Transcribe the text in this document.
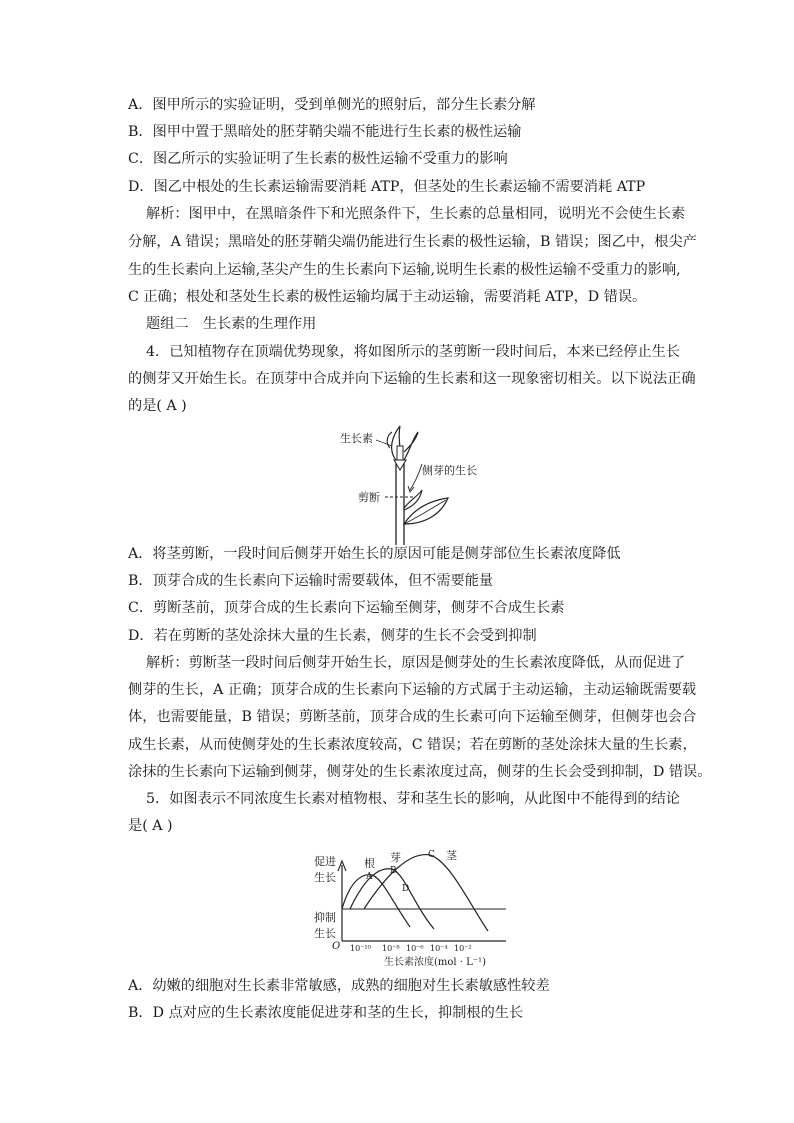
A．图甲所示的实验证明，受到单侧光的照射后，部分生长素分解
B．图甲中置于黑暗处的胚芽鞘尖端不能进行生长素的极性运输
C．图乙所示的实验证明了生长素的极性运输不受重力的影响
D．图乙中根处的生长素运输需要消耗 ATP，但茎处的生长素运输不需要消耗 ATP
解析：图甲中，在黑暗条件下和光照条件下，生长素的总量相同，说明光不会使生长素
分解，A 错误；黑暗处的胚芽鞘尖端仍能进行生长素的极性运输，B 错误；图乙中，根尖产
生的生长素向上运输,茎尖产生的生长素向下运输,说明生长素的极性运输不受重力的影响,
C 正确；根处和茎处生长素的极性运输均属于主动运输，需要消耗 ATP，D 错误。
题组二　生长素的生理作用
4．已知植物存在顶端优势现象，将如图所示的茎剪断一段时间后，本来已经停止生长
的侧芽又开始生长。在顶芽中合成并向下运输的生长素和这一现象密切相关。以下说法正确
的是( A )
生长素
侧芽的生长
剪断
A．将茎剪断，一段时间后侧芽开始生长的原因可能是侧芽部位生长素浓度降低
B．顶芽合成的生长素向下运输时需要载体，但不需要能量
C．剪断茎前，顶芽合成的生长素向下运输至侧芽，侧芽不合成生长素
D．若在剪断的茎处涂抹大量的生长素，侧芽的生长不会受到抑制
解析：剪断茎一段时间后侧芽开始生长，原因是侧芽处的生长素浓度降低，从而促进了
侧芽的生长，A 正确；顶芽合成的生长素向下运输的方式属于主动运输，主动运输既需要载
体，也需要能量，B 错误；剪断茎前，顶芽合成的生长素可向下运输至侧芽，但侧芽也会合
成生长素，从而使侧芽处的生长素浓度较高，C 错误；若在剪断的茎处涂抹大量的生长素，
涂抹的生长素向下运输到侧芽，侧芽处的生长素浓度过高，侧芽的生长会受到抑制，D 错误。
5．如图表示不同浓度生长素对植物根、芽和茎生长的影响，从此图中不能得到的结论
是( A )
根 芽	茎
A
B
C
D
促进
生长
抑制
生长
O 10⁻¹⁰ 10⁻⁸ 10⁻⁶ 10⁻⁴ 10⁻²
生长素浓度(mol · L⁻¹)
A．幼嫩的细胞对生长素非常敏感，成熟的细胞对生长素敏感性较差
B．D 点对应的生长素浓度能促进芽和茎的生长，抑制根的生长
